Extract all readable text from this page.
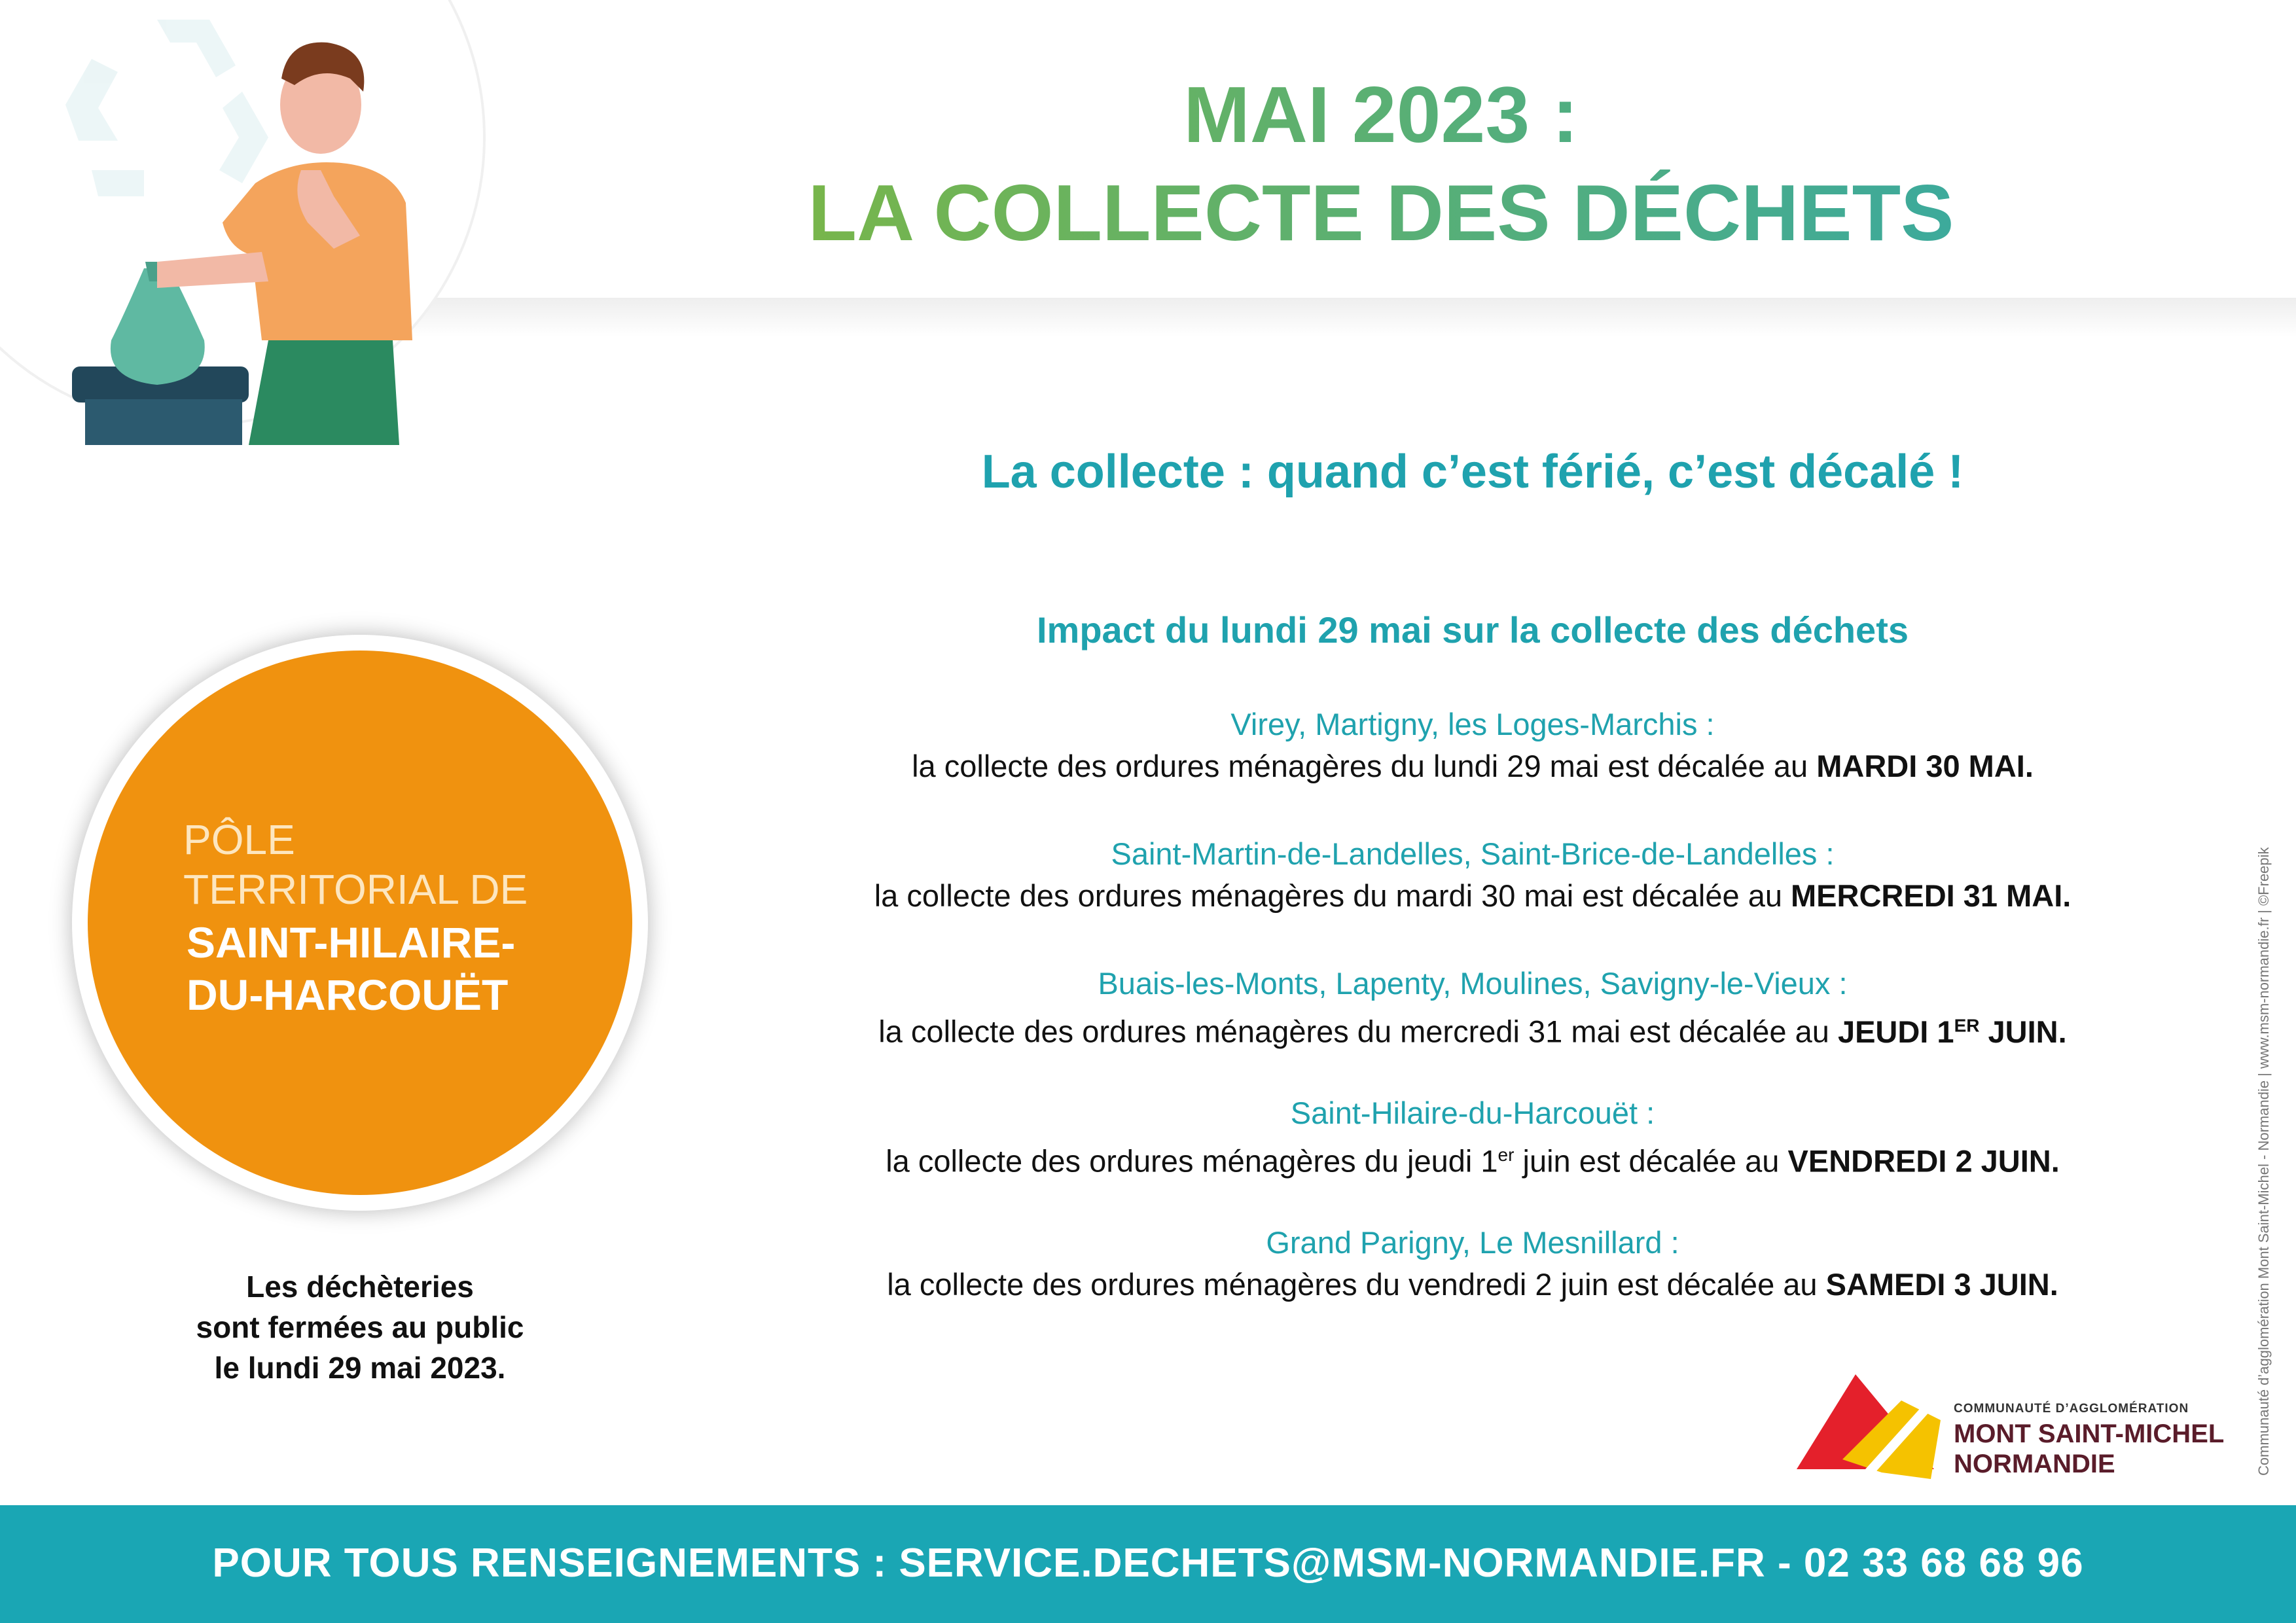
MAI 2023 :
LA COLLECTE DES DÉCHETS
La collecte : quand c’est férié, c’est décalé !
Impact du lundi 29 mai sur la collecte des déchets
Virey, Martigny, les Loges-Marchis :
la collecte des ordures ménagères du lundi 29 mai est décalée au MARDI 30 MAI.
Saint-Martin-de-Landelles, Saint-Brice-de-Landelles :
la collecte des ordures ménagères du mardi 30 mai est décalée au MERCREDI 31 MAI.
Buais-les-Monts, Lapenty, Moulines, Savigny-le-Vieux :
la collecte des ordures ménagères du mercredi 31 mai est décalée au JEUDI 1ER JUIN.
Saint-Hilaire-du-Harcouët :
la collecte des ordures ménagères du jeudi 1er juin est décalée au VENDREDI 2 JUIN.
Grand Parigny, Le Mesnillard :
la collecte des ordures ménagères du vendredi 2 juin est décalée au SAMEDI 3 JUIN.
PÔLE
TERRITORIAL DE
SAINT-HILAIRE-
DU-HARCOUËT
Les déchèteries
sont fermées au public
le lundi 29 mai 2023.
COMMUNAUTÉ D’AGGLOMÉRATION
MONT SAINT-MICHEL
NORMANDIE	Communauté d’agglomération Mont Saint-Michel - Normandie | www.msm-normandie.fr | ©Freepik
POUR TOUS RENSEIGNEMENTS : SERVICE.DECHETS@MSM-NORMANDIE.FR - 02 33 68 68 96
